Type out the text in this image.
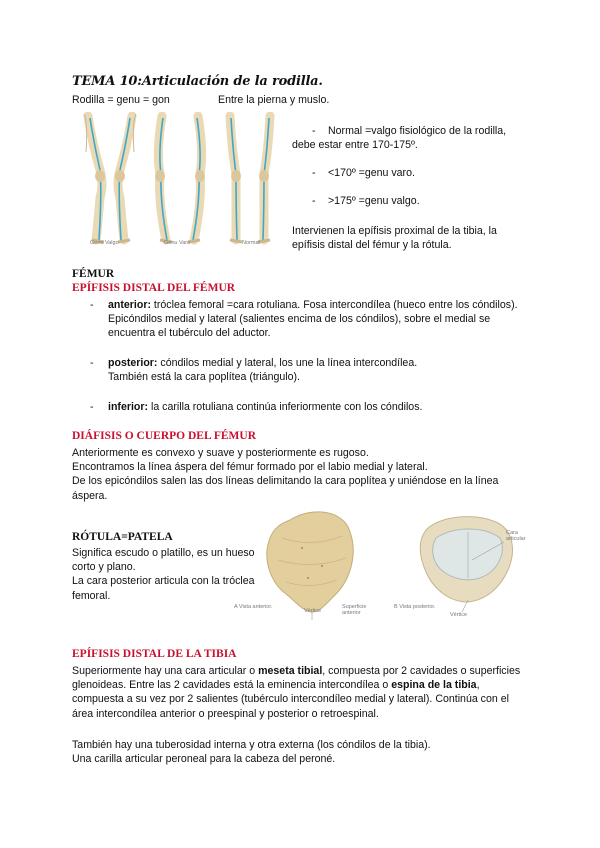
TEMA 10:Articulación de la rodilla.
Rodilla = genu = gon	Entre la pierna y muslo.
Genu Valgo	Genu Varo	Normal
-	Normal =valgo fisiológico de la rodilla, debe estar entre 170-175º.
-	<170º =genu varo.
-	>175º =genu valgo.
Intervienen la epífisis proximal de la tibia, la epífisis distal del fémur y la rótula.
FÉMUR
EPÍFISIS DISTAL DEL FÉMUR
-	anterior: tróclea femoral =cara rotuliana. Fosa intercondílea (hueco entre los cóndilos). Epicóndilos medial y lateral (salientes encima de los cóndilos), sobre el medial se encuentra el tubérculo del aductor.
-	posterior: cóndilos medial y lateral, los une la línea intercondílea.
También está la cara poplítea (triángulo).
-	inferior: la carilla rotuliana continúa inferiormente con los cóndilos.
DIÁFISIS O CUERPO DEL FÉMUR
Anteriormente es convexo y suave y posteriormente es rugoso.
Encontramos la línea áspera del fémur formado por el labio medial y lateral.
De los epicóndilos salen las dos líneas delimitando la cara poplítea y uniéndose en la línea áspera.
RÓTULA=PATELA
Significa escudo o platillo, es un hueso corto y plano.
La cara posterior articula con la tróclea femoral.
A Vista anterior.
Vértice
Superficie anterior
B Vista posterior.
Vértice
Cara articular
EPÍFISIS DISTAL DE LA TIBIA
Superiormente hay una cara articular o meseta tibial, compuesta por 2 cavidades o superficies glenoideas. Entre las 2 cavidades está la eminencia intercondílea o espina de la tibia, compuesta a su vez por 2 salientes (tubérculo intercondíleo medial y lateral). Continúa con el área intercondílea anterior o preespinal y posterior o retroespinal.
También hay una tuberosidad interna y otra externa (los cóndilos de la tibia).
Una carilla articular peroneal para la cabeza del peroné.
